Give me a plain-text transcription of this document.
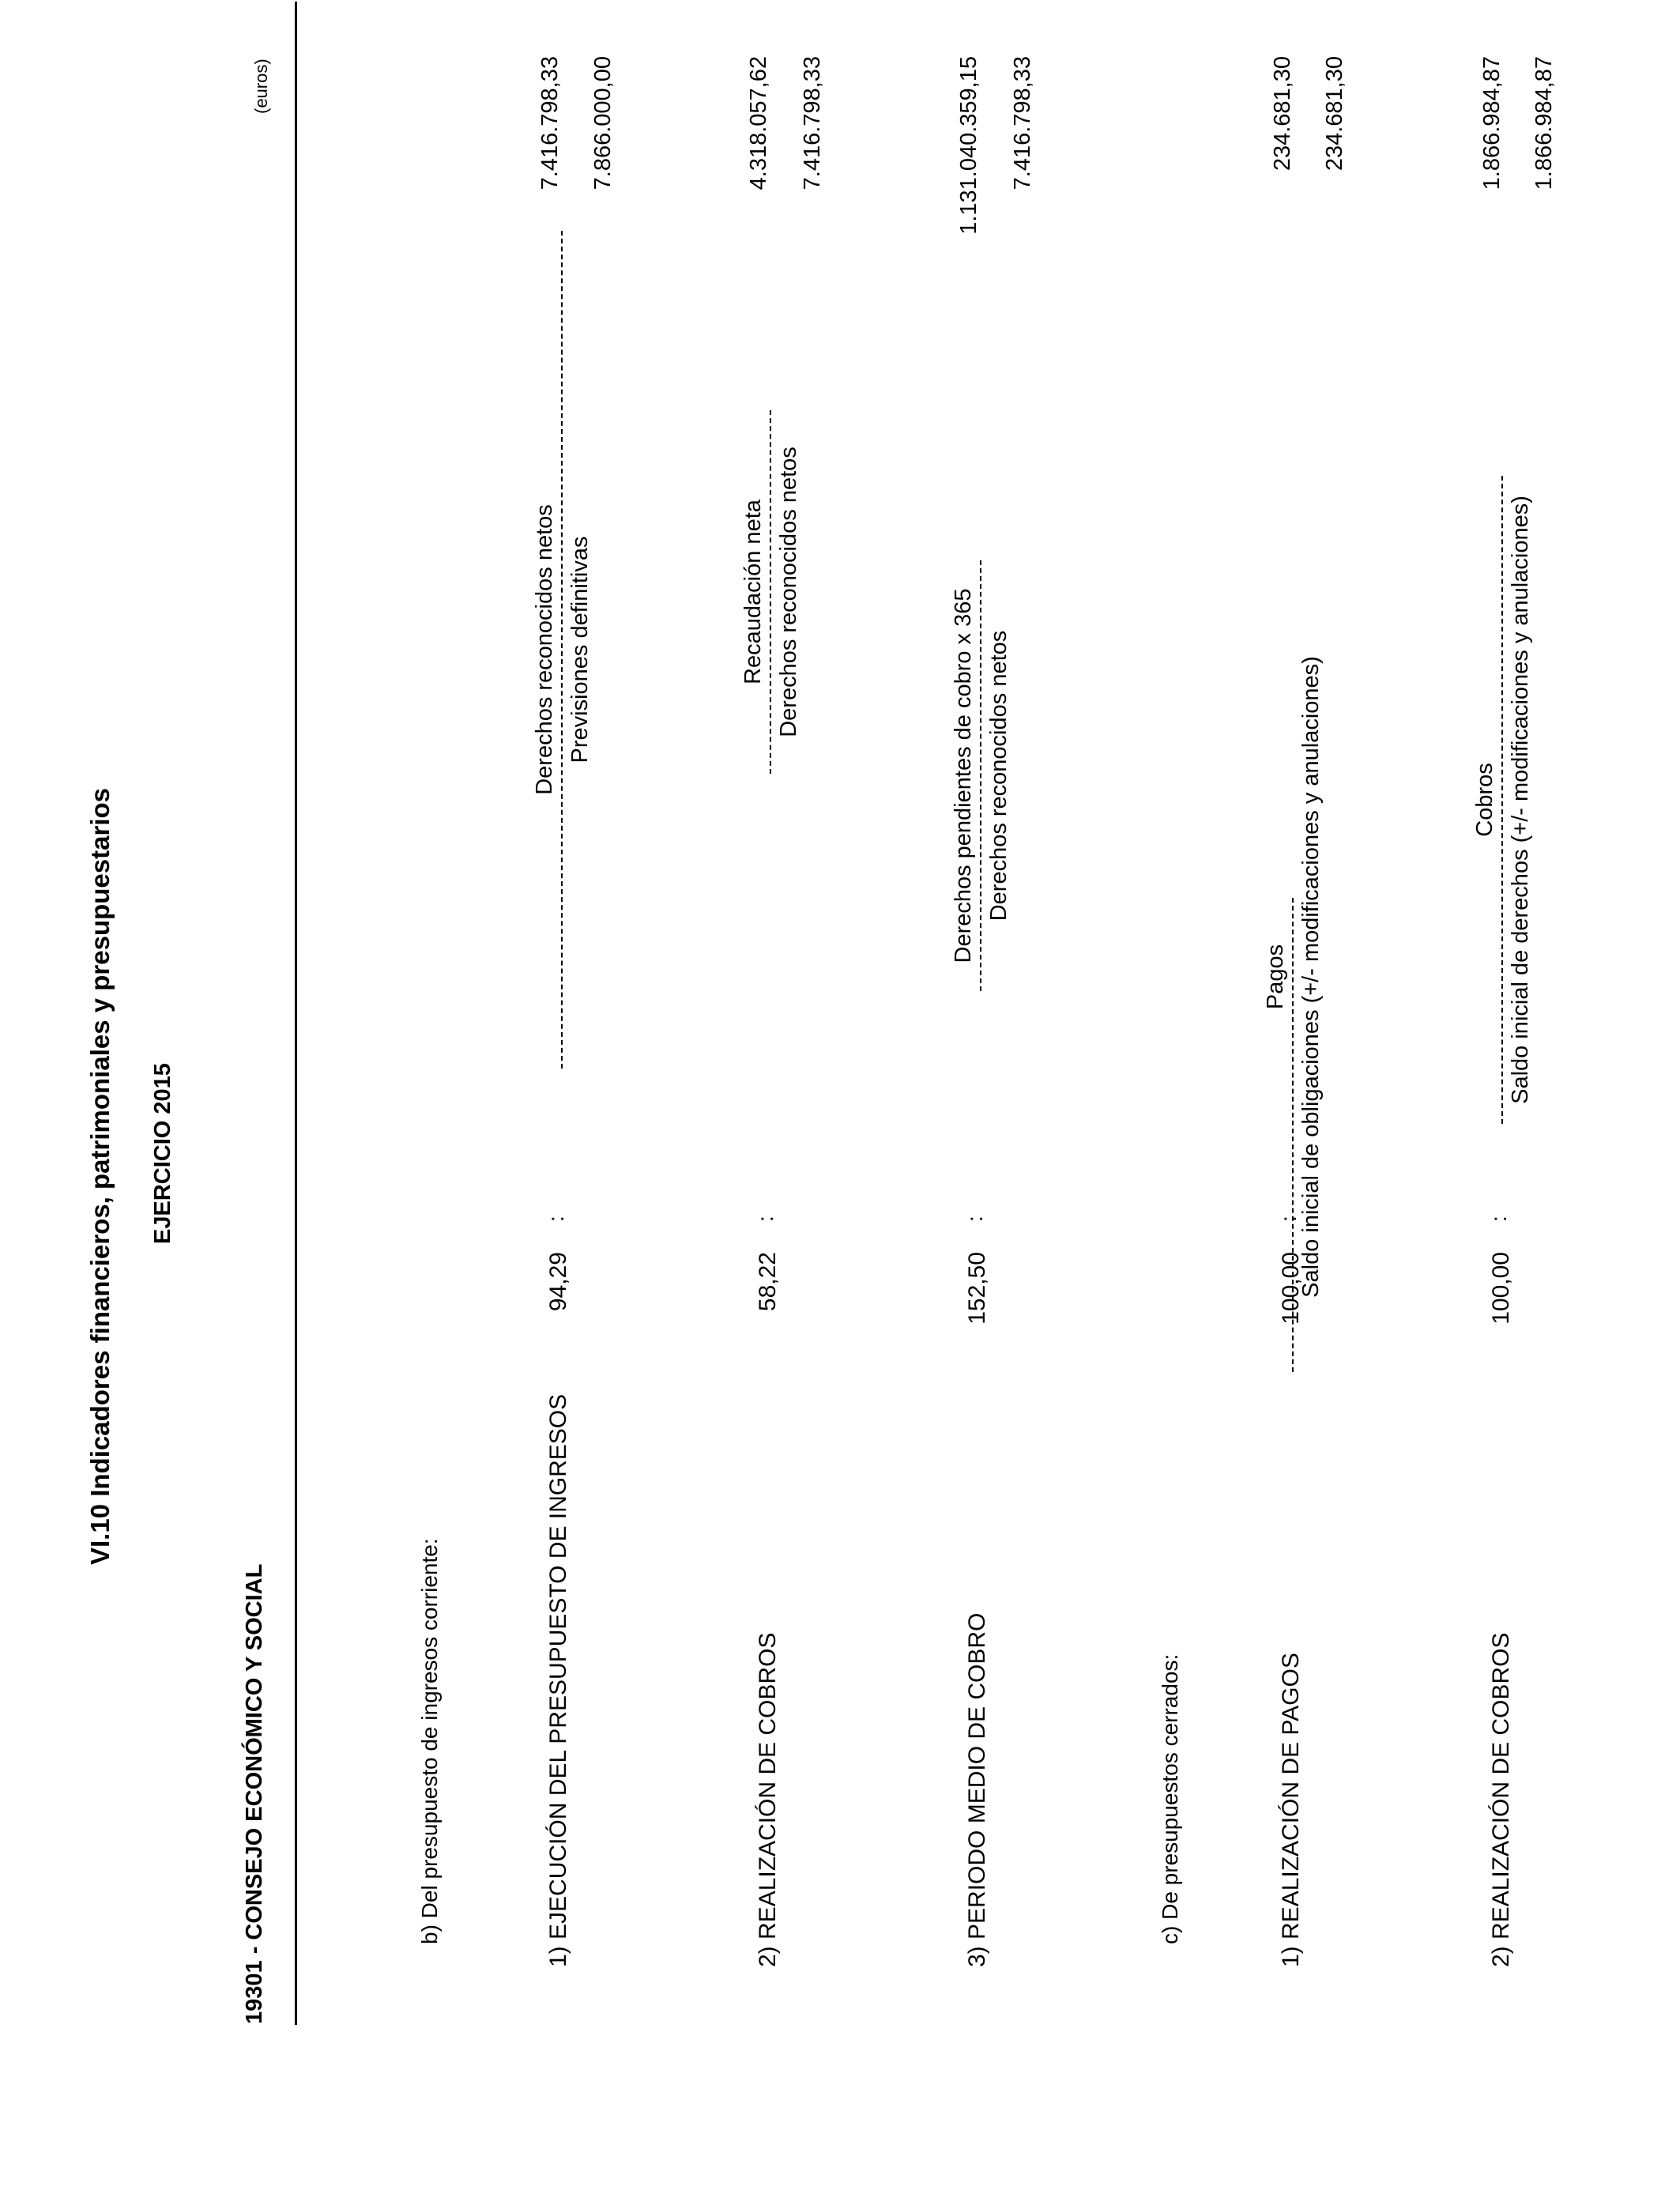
VI.10 Indicadores financieros, patrimoniales y presupuestarios EJERCICIO 2015
19301 - CONSEJO ECONÓMICO Y SOCIAL
(euros)
b) Del presupuesto de ingresos corriente:	1) EJECUCIÓN DEL PRESUPUESTO DE INGRESOS
94,29
:
Derechos reconocidos netos Previsiones definitivas
7.416.798,33 7.866.000,00
2) REALIZACIÓN DE COBROS
58,22
:
Recaudación neta Derechos reconocidos netos
4.318.057,62 7.416.798,33
3) PERIODO MEDIO DE COBRO
152,50
:
Derechos pendientes de cobro x 365 Derechos reconocidos netos
1.131.040.359,15 7.416.798,33
c) De presupuestos cerrados:	1) REALIZACIÓN DE PAGOS
100,00
:
Pagos Saldo inicial de obligaciones (+/- modificaciones y anulaciones)
234.681,30 234.681,30
2) REALIZACIÓN DE COBROS
100,00
:
Cobros Saldo inicial de derechos (+/- modificaciones y anulaciones)
1.866.984,87 1.866.984,87
